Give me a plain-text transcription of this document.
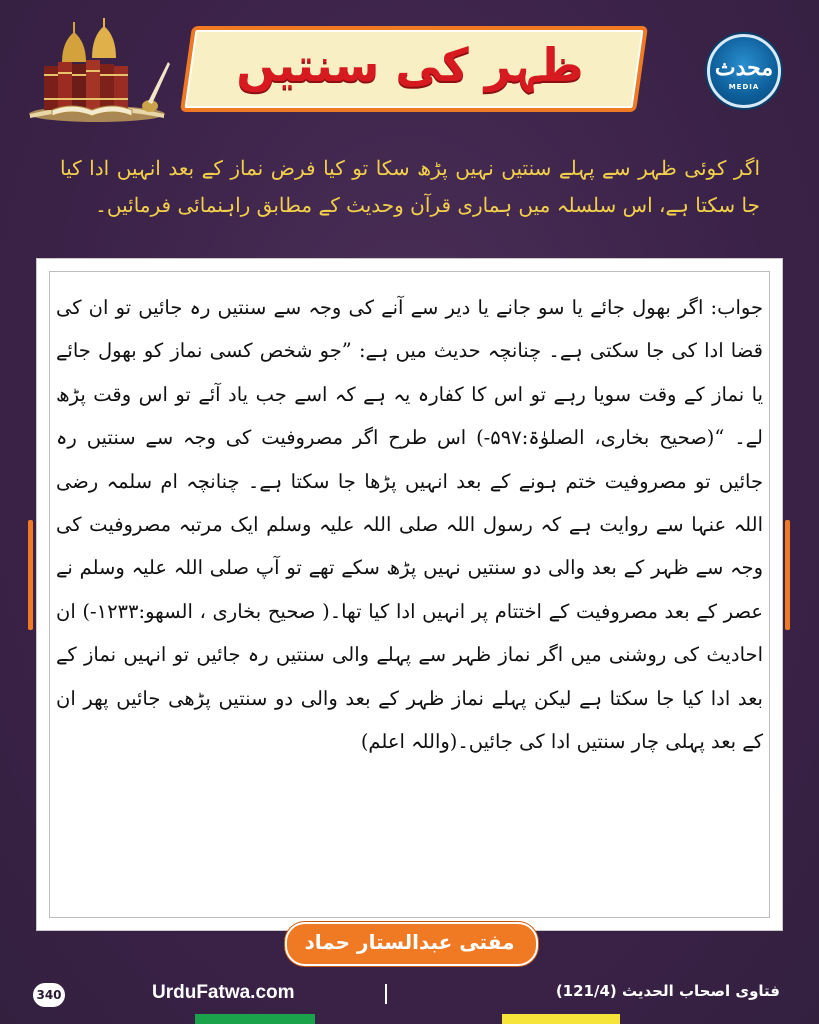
ظہر کی سنتیں	محدث
MEDIA
اگر کوئی ظہر سے پہلے سنتیں نہیں پڑھ سکا تو کیا فرض نماز کے بعد انہیں ادا کیا جا سکتا ہے، اس سلسلہ میں ہماری قرآن وحدیث کے مطابق راہنمائی فرمائیں۔
جواب: اگر بھول جائے یا سو جانے یا دیر سے آنے کی وجہ سے سنتیں رہ جائیں تو ان کی قضا ادا کی جا سکتی ہے۔ چنانچہ حدیث میں ہے: ”جو شخص کسی نماز کو بھول جائے یا نماز کے وقت سویا رہے تو اس کا کفارہ یہ ہے کہ اسے جب یاد آئے تو اس وقت پڑھ لے۔ “(صحیح بخاری، الصلوٰۃ:۵۹۷-) اس طرح اگر مصروفیت کی وجہ سے سنتیں رہ جائیں تو مصروفیت ختم ہونے کے بعد انہیں پڑھا جا سکتا ہے۔ چنانچہ ام سلمہ رضی اللہ عنہا سے روایت ہے کہ رسول اللہ صلی اللہ علیہ وسلم ایک مرتبہ مصروفیت کی وجہ سے ظہر کے بعد والی دو سنتیں نہیں پڑھ سکے تھے تو آپ صلی اللہ علیہ وسلم نے عصر کے بعد مصروفیت کے اختتام پر انہیں ادا کیا تھا۔( صحیح بخاری ، السھو:۱۲۳۳-) ان احادیث کی روشنی میں اگر نماز ظہر سے پہلے والی سنتیں رہ جائیں تو انہیں نماز کے بعد ادا کیا جا سکتا ہے لیکن پہلے نماز ظہر کے بعد والی دو سنتیں پڑھی جائیں پھر ان کے بعد پہلی چار سنتیں ادا کی جائیں۔(واللہ اعلم)
مفتی عبدالستار حماد
340	UrduFatwa.com	فتاوی اصحاب الحدیث (121/4)
